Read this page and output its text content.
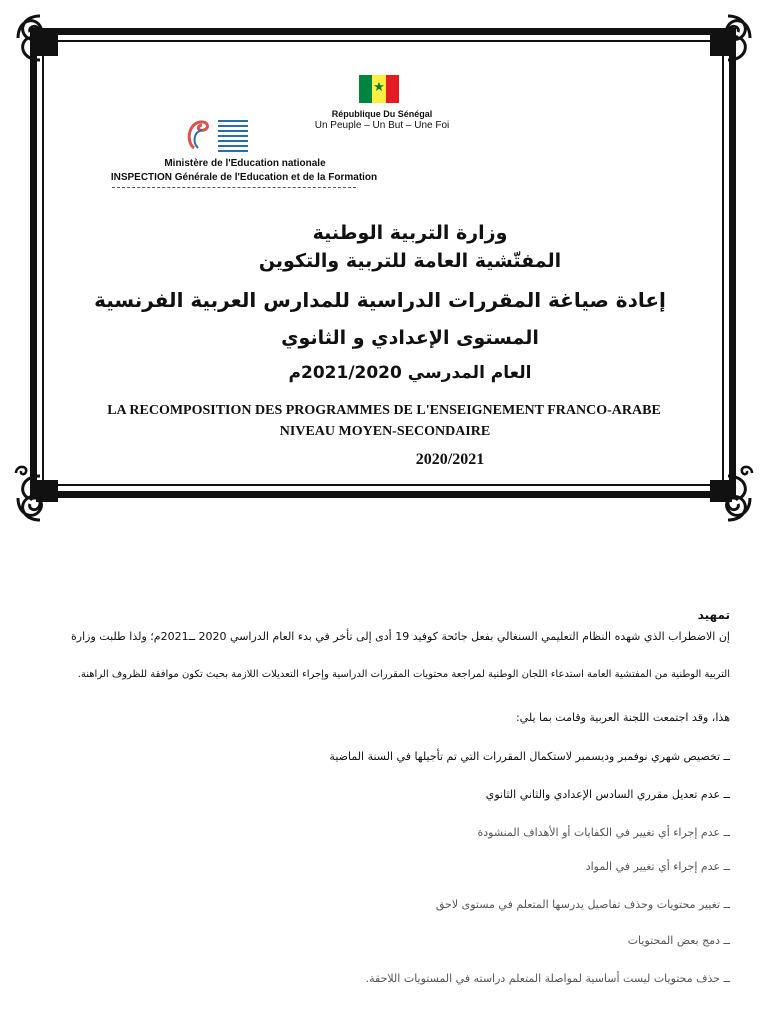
★
République Du Sénégal
Un Peuple – Un But – Une Foi
Ministère de l'Education nationale
INSPECTION Générale de l'Education et de la Formation
وزارة التربية الوطنية
المفتّشية العامة للتربية والتكوين
إعادة صياغة المقررات الدراسية للمدارس العربية الفرنسية
المستوى الإعدادي و الثانوي
العام المدرسي 2021/2020م
LA RECOMPOSITION DES PROGRAMMES DE L'ENSEIGNEMENT FRANCO-ARABE
NIVEAU MOYEN-SECONDAIRE
2020/2021
تمهيد
إن الاضطراب الذي شهده النظام التعليمي السنغالي بفعل جائحة كوفيد 19 أدى إلى تأخر في بدء العام الدراسي 2020 ــ2021م؛ ولذا طلبت وزارة
التربية الوطنية من المفتشية العامة استدعاء اللجان الوطنية لمراجعة محتويات المقررات الدراسية وإجراء التعديلات اللازمة بحيث تكون موافقة للظروف الراهنة.
هذا، وقد اجتمعت اللجنة العربية وقامت بما يلي:
ــ تخصيص شهري نوفمبر وديسمبر لاستكمال المقررات التي تم تأجيلها في السنة الماضية
ــ عدم تعديل مقرري السادس الإعدادي والثاني الثانوي
ــ عدم إجراء أي تغيير في الكفايات أو الأهداف المنشودة
ــ عدم إجراء أي تغيير في المواد
ــ تغيير محتويات وحذف تفاصيل يدرسها المتعلم في مستوى لاحق
ــ دمج بعض المحتويات
ــ حذف محتويات ليست أساسية لمواصلة المتعلم دراسته في المستويات اللاحقة.
